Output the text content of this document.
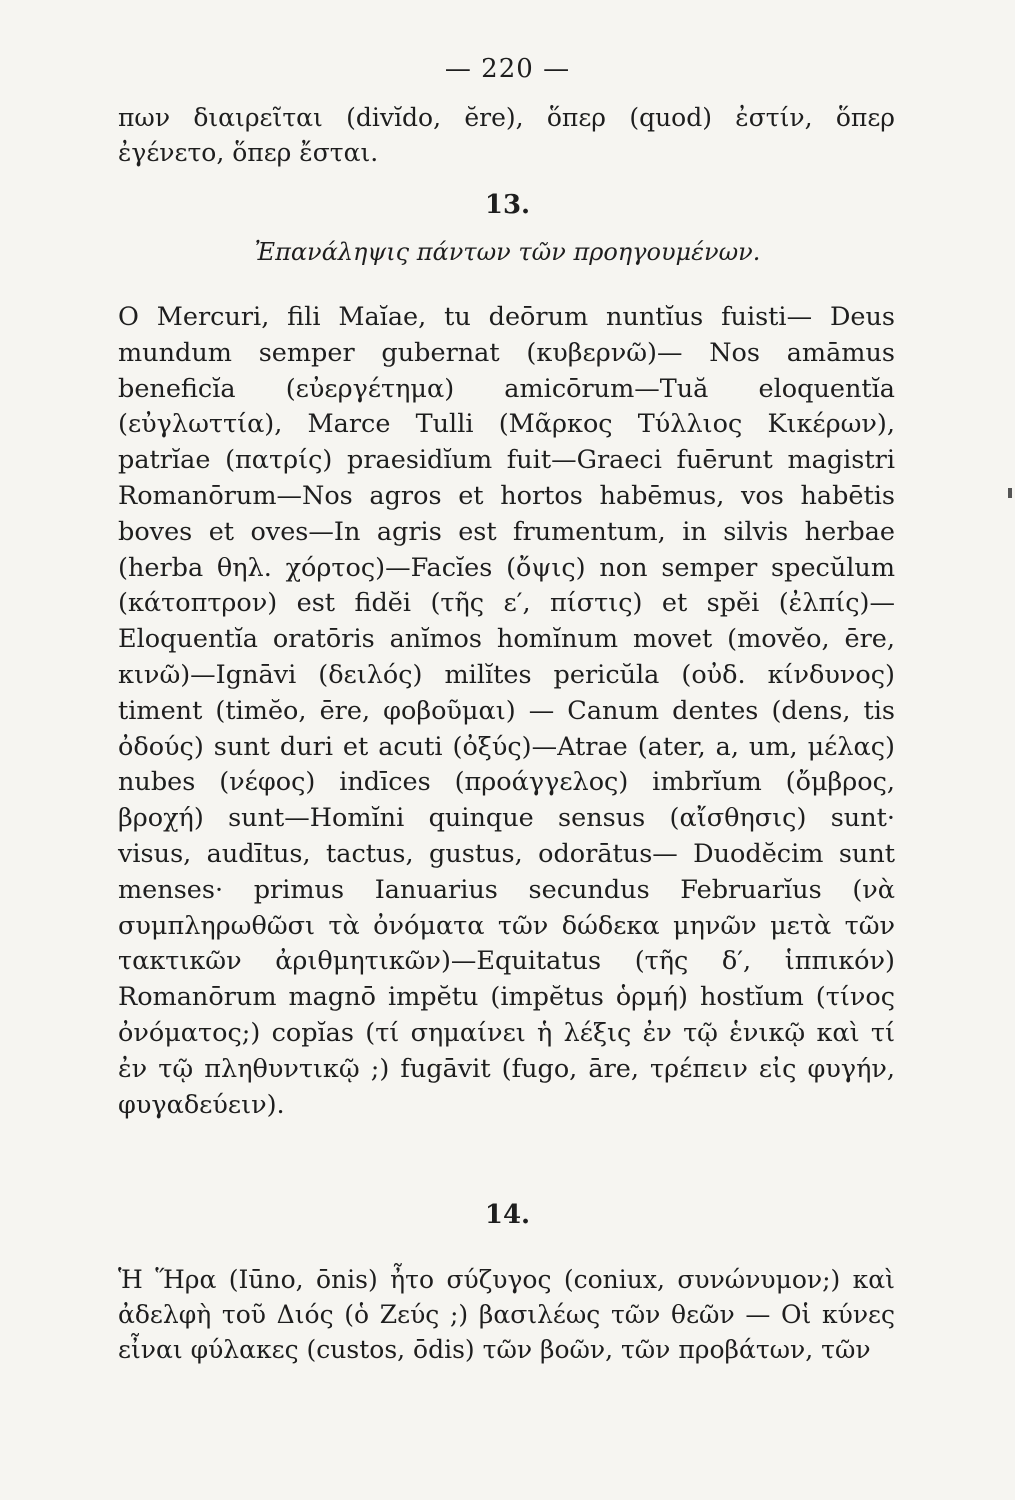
— 220 —
πων διαιρεῖται (divĭdo, ĕre), ὅπερ (quod) ἐστίν, ὅπερ ἐγένετο, ὅπερ ἔσται.
13.
Ἐπανάληψις πάντων τῶν προηγουμένων.
O Mercuri, fili Maĭae, tu deōrum nuntĭus fuisti— Deus mundum semper gubernat (κυβερνῶ)— Nos amāmus beneficĭa (εὐεργέτημα) amicōrum—Tuă eloquentĭa (εὐγλωττία), Marce Tulli (Μᾶρκος Τύλλιος Κικέρων), patrĭae (πατρίς) praesidĭum fuit—Graeci fuērunt magistri Romanōrum—Nos agros et hortos habēmus, vos habētis boves et oves—In agris est frumentum, in silvis herbae (herba θηλ. χόρτος)—Facĭes (ὄψις) non semper specŭlum (κάτοπτρον) est fidĕi (τῆς ε′, πίστις) et spĕi (ἐλπίς)—Eloquentĭa oratōris anĭmos homĭnum movet (movĕo, ēre, κινῶ)—Ignāvi (δειλός) milĭtes pericŭla (οὐδ. κίνδυνος) timent (timĕo, ēre, φοβοῦμαι) — Canum dentes (dens, tis ὀδούς) sunt duri et acuti (ὀξύς)—Atrae (ater, a, um, μέλας) nubes (νέφος) indīces (προάγγελος) imbrĭum (ὄμβρος, βροχή) sunt—Homĭni quinque sensus (αἴσθησις) sunt· visus, audītus, tactus, gustus, odorātus— Duodĕcim sunt menses· primus Ianuarius secundus Februarĭus (νὰ συμπληρωθῶσι τὰ ὀνόματα τῶν δώδεκα μηνῶν μετὰ τῶν τακτικῶν ἀριθμητικῶν)—Equitatus (τῆς δ′, ἱππικόν) Romanōrum magnō impĕtu (impĕtus ὁρμή) hostĭum (τίνος ὀνόματος;) copĭas (τί σημαίνει ἡ λέξις ἐν τῷ ἑνικῷ καὶ τί ἐν τῷ πληθυντικῷ ;) fugāvit (fugo, āre, τρέπειν εἰς φυγήν, φυγαδεύειν).
14.
Ἡ Ἥρα (Iūno, ōnis) ἦτο σύζυγος (coniux, συνώνυμον;) καὶ ἀδελφὴ τοῦ Διός (ὁ Ζεύς ;) βασιλέως τῶν θεῶν — Οἱ κύνες εἶναι φύλακες (custos, ōdis) τῶν βοῶν, τῶν προβάτων, τῶν
